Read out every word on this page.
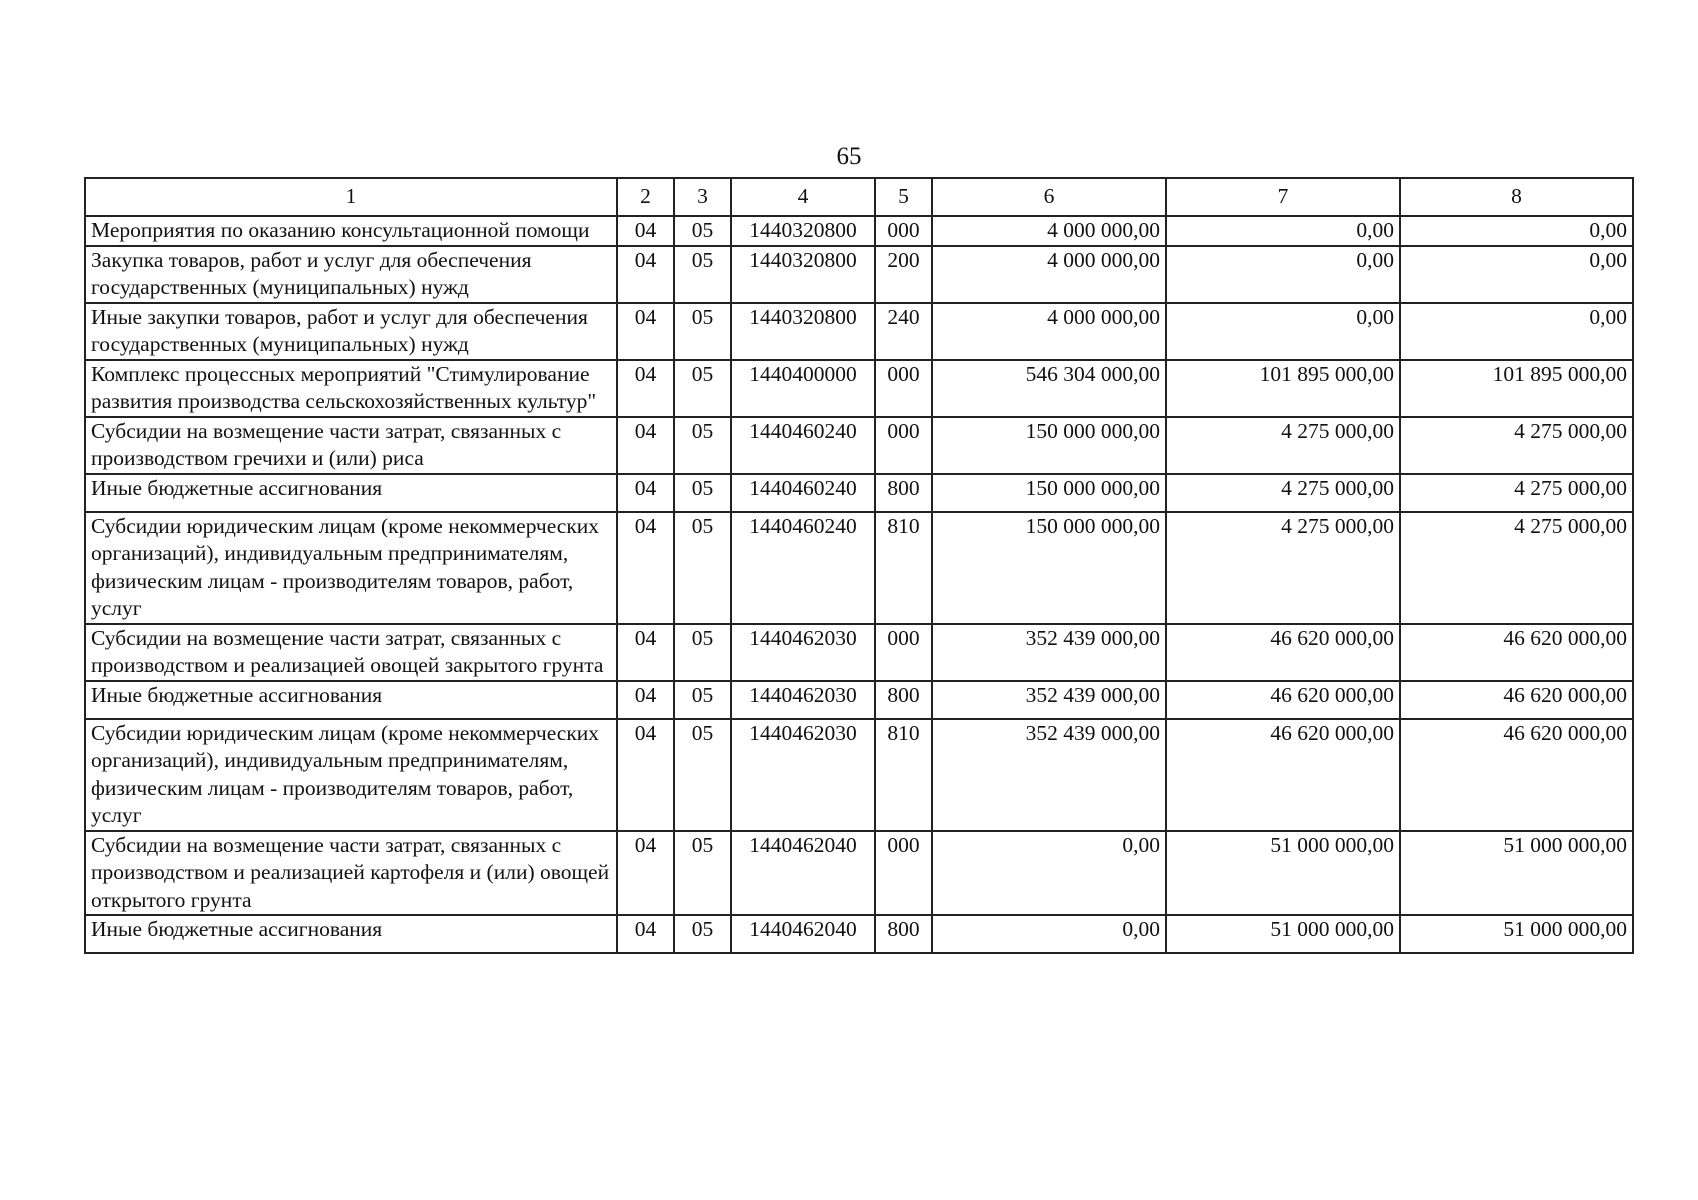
65
1	2	3	4	5	6	7	8
Мероприятия по оказанию консультационной помощи	04	05	1440320800	000	4 000 000,00	0,00	0,00
Закупка товаров, работ и услуг для обеспечения государственных (муниципальных) нужд	04	05	1440320800	200	4 000 000,00	0,00	0,00
Иные закупки товаров, работ и услуг для обеспечения государственных (муниципальных) нужд	04	05	1440320800	240	4 000 000,00	0,00	0,00
Комплекс процессных мероприятий "Стимулирование развития производства сельскохозяйственных культур"	04	05	1440400000	000	546 304 000,00	101 895 000,00	101 895 000,00
Субсидии на возмещение части затрат, связанных с производством гречихи и (или) риса	04	05	1440460240	000	150 000 000,00	4 275 000,00	4 275 000,00
Иные бюджетные ассигнования	04	05	1440460240	800	150 000 000,00	4 275 000,00	4 275 000,00
Субсидии юридическим лицам (кроме некоммерческих организаций), индивидуальным предпринимателям, физическим лицам - производителям товаров, работ, услуг	04	05	1440460240	810	150 000 000,00	4 275 000,00	4 275 000,00
Субсидии на возмещение части затрат, связанных с производством и реализацией овощей закрытого грунта	04	05	1440462030	000	352 439 000,00	46 620 000,00	46 620 000,00
Иные бюджетные ассигнования	04	05	1440462030	800	352 439 000,00	46 620 000,00	46 620 000,00
Субсидии юридическим лицам (кроме некоммерческих организаций), индивидуальным предпринимателям, физическим лицам - производителям товаров, работ, услуг	04	05	1440462030	810	352 439 000,00	46 620 000,00	46 620 000,00
Субсидии на возмещение части затрат, связанных с производством и реализацией картофеля и (или) овощей открытого грунта	04	05	1440462040	000	0,00	51 000 000,00	51 000 000,00
Иные бюджетные ассигнования	04	05	1440462040	800	0,00	51 000 000,00	51 000 000,00
